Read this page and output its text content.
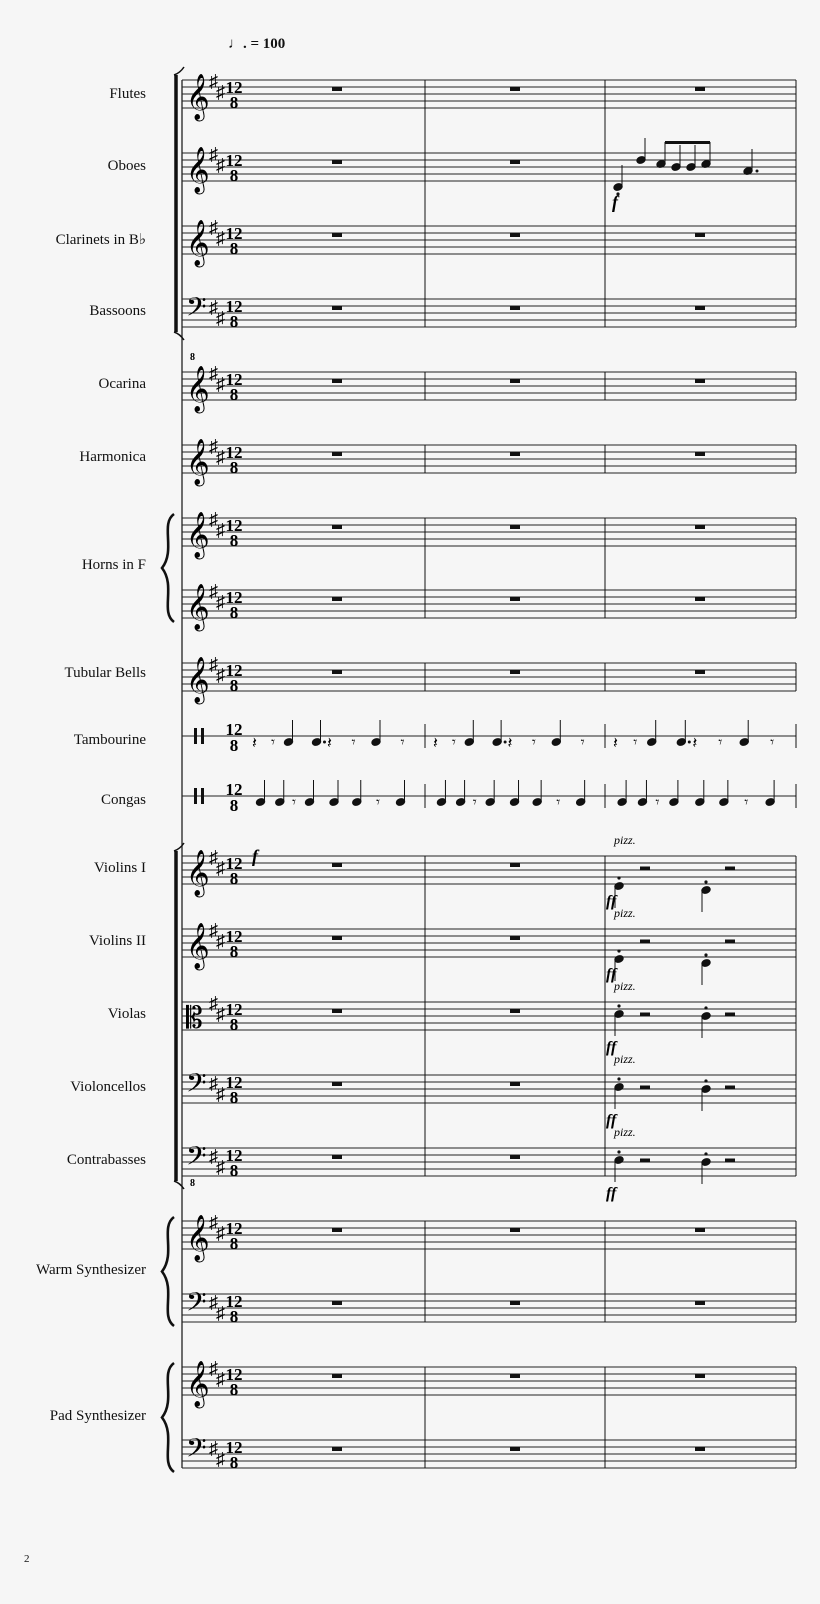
♩. = 100
Flutes
Oboes
Clarinets in B♭
Bassoons
Ocarina
Harmonica
Horns in F
Tubular Bells
Tambourine
Congas
Violins I
Violins II
Violas
Violoncellos
Contrabasses
Warm Synthesizer
Pad Synthesizer
2
𝄞 ♯
♯ 12
8
𝄞 ♯
♯ 12
8
𝄞 ♯
♯ 12
8
𝄢 ♯
♯
12
8
𝄞 ♯
♯ 12
8
𝄞 ♯
♯ 12
8
𝄞 ♯
♯ 12
8
𝄞 ♯
♯ 12
8
𝄞 ♯
♯ 12
8
12
8
12
8
𝄞 ♯
♯ 12
8
𝄞 ♯
♯ 12
8
𝄡 ♯
♯ 12
8
𝄢 ♯
♯
12
8
𝄢 ♯
♯
12
8
𝄞 ♯
♯ 12
8
𝄢 ♯
♯
12
8
𝄞 ♯
♯ 12
8
𝄢 ♯
♯
12
8
8
8
𝄽 𝄾	𝄽 𝄾	𝄾 𝄽 𝄾	𝄽 𝄾	𝄾 𝄽 𝄾	𝄽 𝄾	𝄾
𝄾	𝄾	𝄾	𝄾	𝄾	𝄾
f
f
pizz.
ff
pizz.
ff
pizz.
ff
pizz.
ff
pizz.
ff
